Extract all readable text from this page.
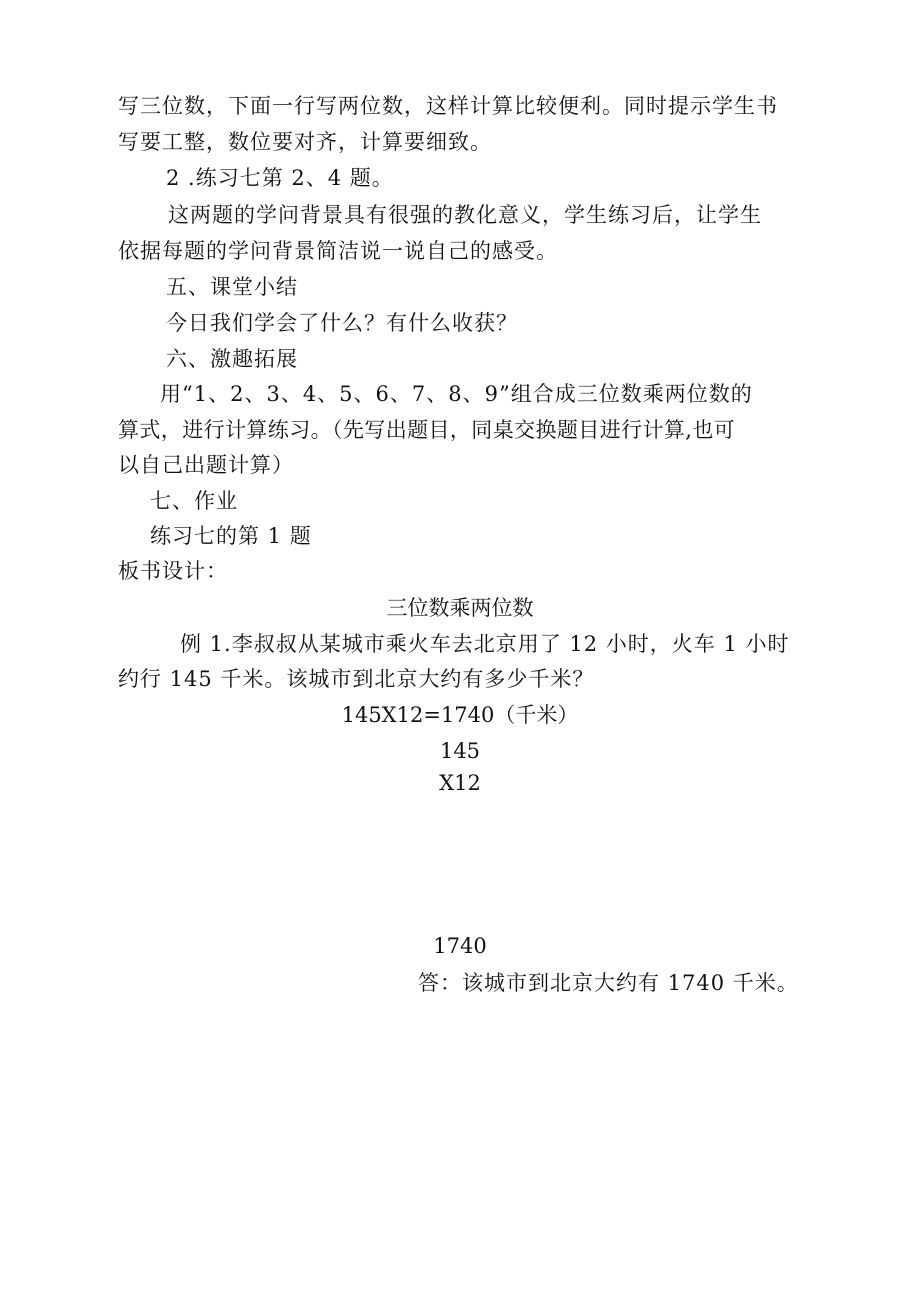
写三位数，下面一行写两位数，这样计算比较便利。同时提示学生书
写要工整，数位要对齐，计算要细致。
2 .练习七第 2、4 题。
这两题的学问背景具有很强的教化意义，学生练习后，让学生
依据每题的学问背景简洁说一说自己的感受。
五、课堂小结
今日我们学会了什么？有什么收获？
六、激趣拓展
用“1、2、3、4、5、6、7、8、9”组合成三位数乘两位数的
算式，进行计算练习。（先写出题目，同桌交换题目进行计算,也可
以自己出题计算）
七、作业
练习七的第 1 题
板书设计：
三位数乘两位数
例 1.李叔叔从某城市乘火车去北京用了 12 小时，火车 1 小时
约行 145 千米。该城市到北京大约有多少千米？
145X12=1740（千米）
145
X12
1740
答：该城市到北京大约有 1740 千米。
